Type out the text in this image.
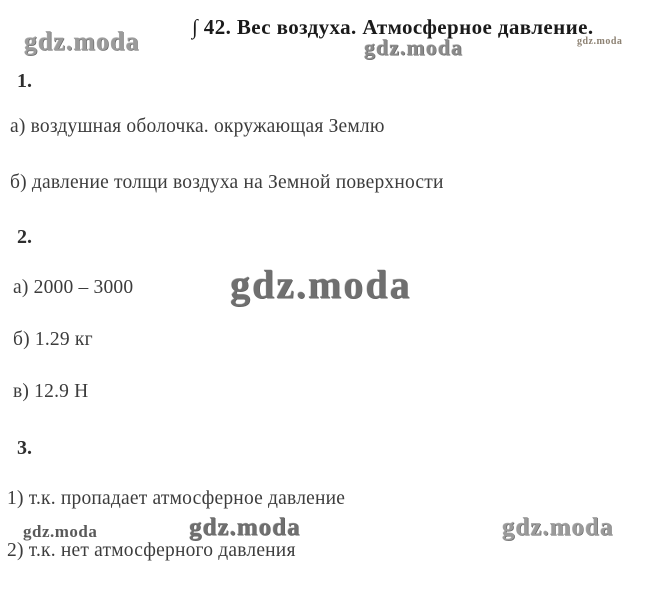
gdz.moda ∫ 42. Вес воздуха. Атмосферное давление.
gdz.moda	gdz.moda
1.
а) воздушная оболочка. окружающая Землю
б) давление толщи воздуха на Земной поверхности
2.
а) 2000 – 3000 gdz.moda
б) 1.29 кг
в) 12.9 Н
3.
1) т.к. пропадает атмосферное давление
gdz.moda	gdz.moda	gdz.moda
2) т.к. нет атмосферного давления
